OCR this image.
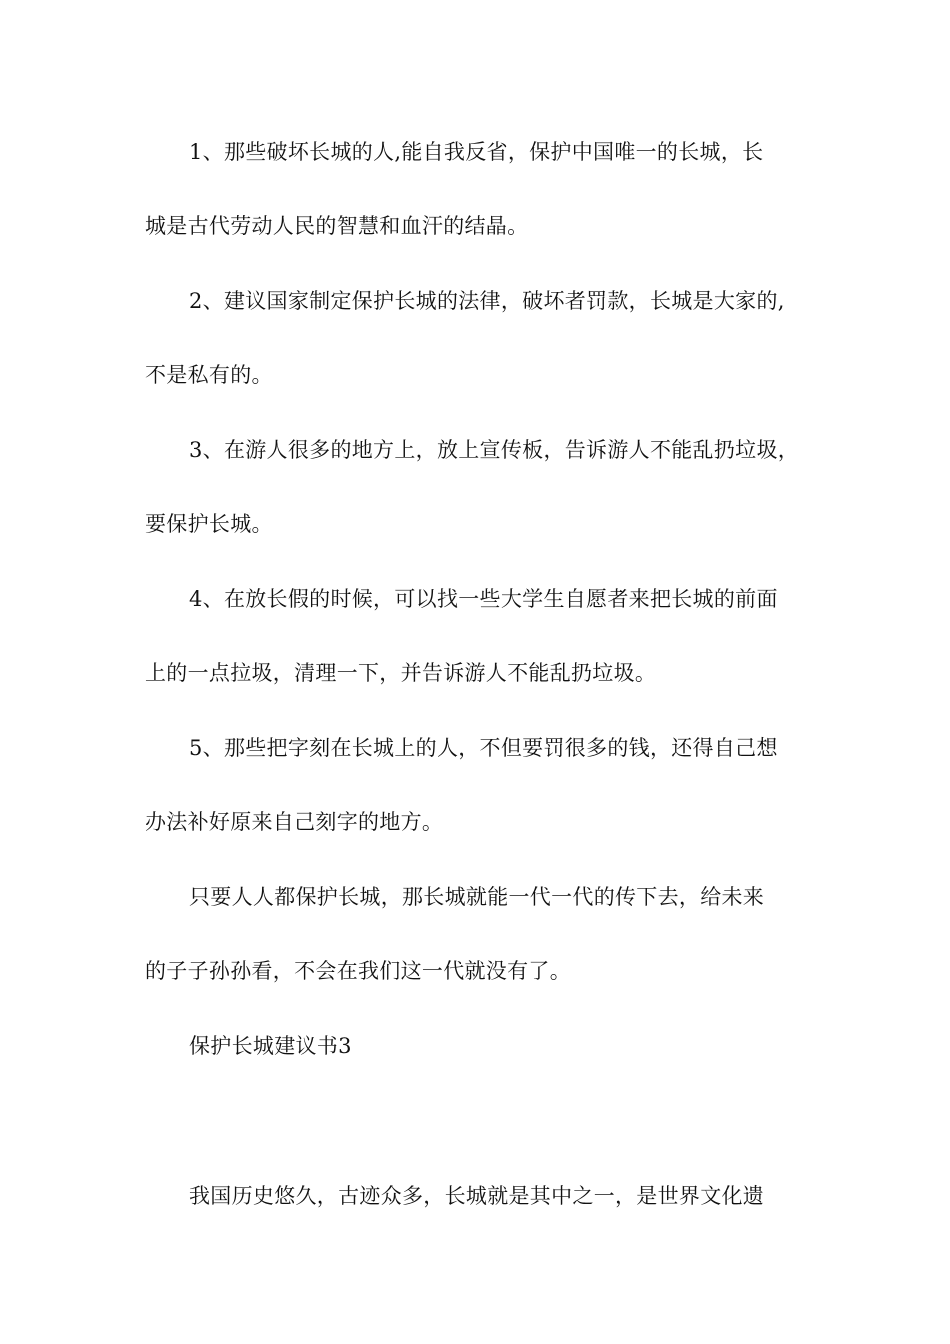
1、那些破坏长城的人,能自我反省，保护中国唯一的长城，长
城是古代劳动人民的智慧和血汗的结晶。
2、建议国家制定保护长城的法律，破坏者罚款，长城是大家的,
不是私有的。
3、在游人很多的地方上，放上宣传板，告诉游人不能乱扔垃圾，
要保护长城。
4、在放长假的时候，可以找一些大学生自愿者来把长城的前面
上的一点拉圾，清理一下，并告诉游人不能乱扔垃圾。
5、那些把字刻在长城上的人，不但要罚很多的钱，还得自己想
办法补好原来自己刻字的地方。
只要人人都保护长城，那长城就能一代一代的传下去，给未来
的子子孙孙看，不会在我们这一代就没有了。
保护长城建议书3
我国历史悠久，古迹众多，长城就是其中之一，是世界文化遗
